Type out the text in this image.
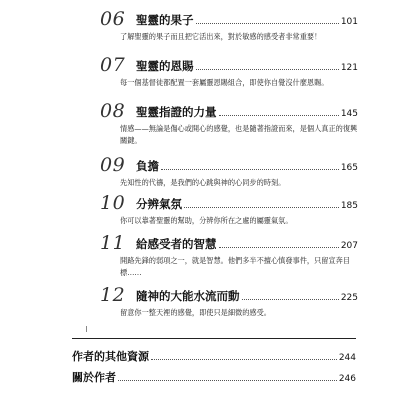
06 聖靈的果子	101
了解聖靈的果子而且把它活出來，對於敏感的感受者非常重要！
07 聖靈的恩賜	121
每一個基督徒都配置一套屬靈恩賜組合，即使你自覺沒什麼恩賜。
08 聖靈指證的力量	145
情感——無論是傷心或開心的感覺，也是隨著指證而來，是個人真正的復興關鍵。
09 負擔	165
先知性的代禱，是我們的心跳與神的心同步的時刻。
10 分辨氣氛	185
你可以靠著聖靈的幫助，分辨你所在之處的屬靈氣氛。
11 給感受者的智慧	207
開路先鋒的弱項之一，就是智慧。他們多半不擅心慎發事件，只留宣奔目標……
12 隨神的大能水流而動	225
留意你一整天裡的感覺，即使只是細微的感受。
作者的其他資源	244
關於作者	246
